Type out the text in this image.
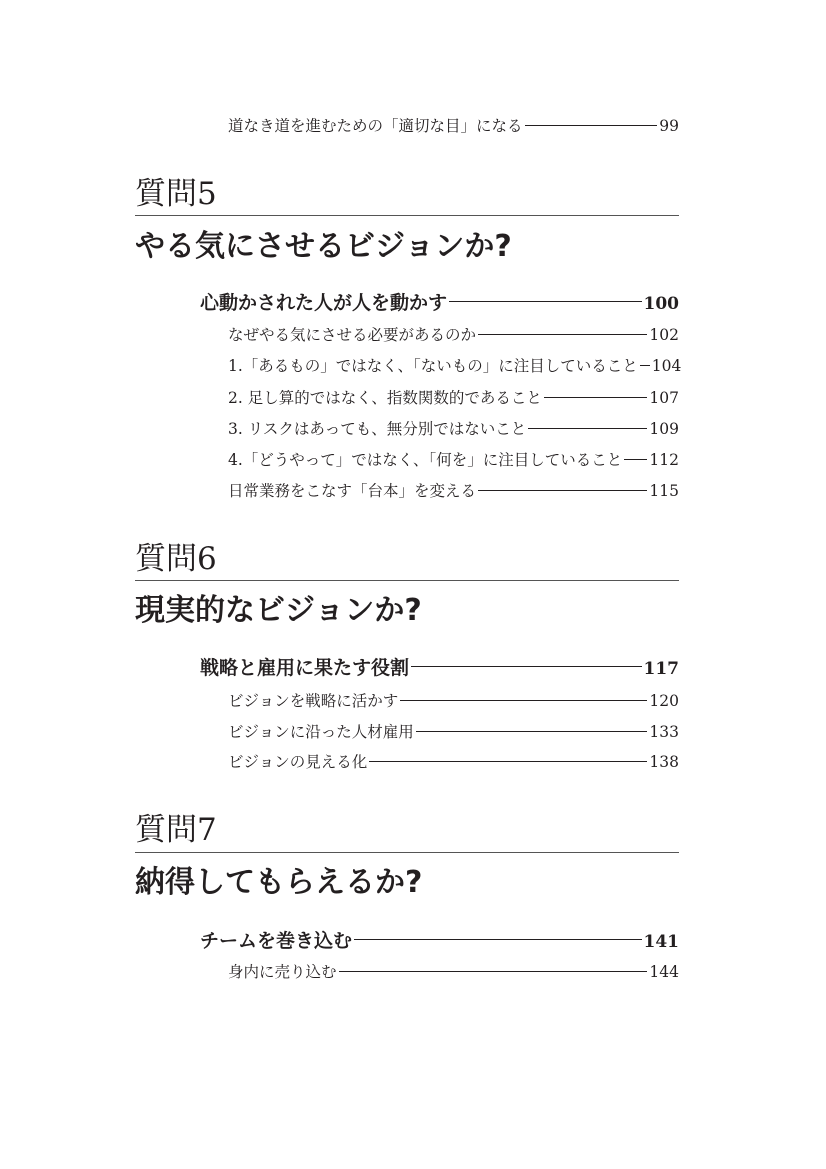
道なき道を進むための「適切な目」になる	99
質問5
やる気にさせるビジョンか?
心動かされた人が人を動かす	100
なぜやる気にさせる必要があるのか	102
1.「あるもの」ではなく、「ないもの」に注目していること 104
2. 足し算的ではなく、指数関数的であること	107
3. リスクはあっても、無分別ではないこと	109
4.「どうやって」ではなく、「何を」に注目していること 112
日常業務をこなす「台本」を変える	115
質問6
現実的なビジョンか?
戦略と雇用に果たす役割	117
ビジョンを戦略に活かす	120
ビジョンに沿った人材雇用	133
ビジョンの見える化	138
質問7
納得してもらえるか?
チームを巻き込む	141
身内に売り込む	144
